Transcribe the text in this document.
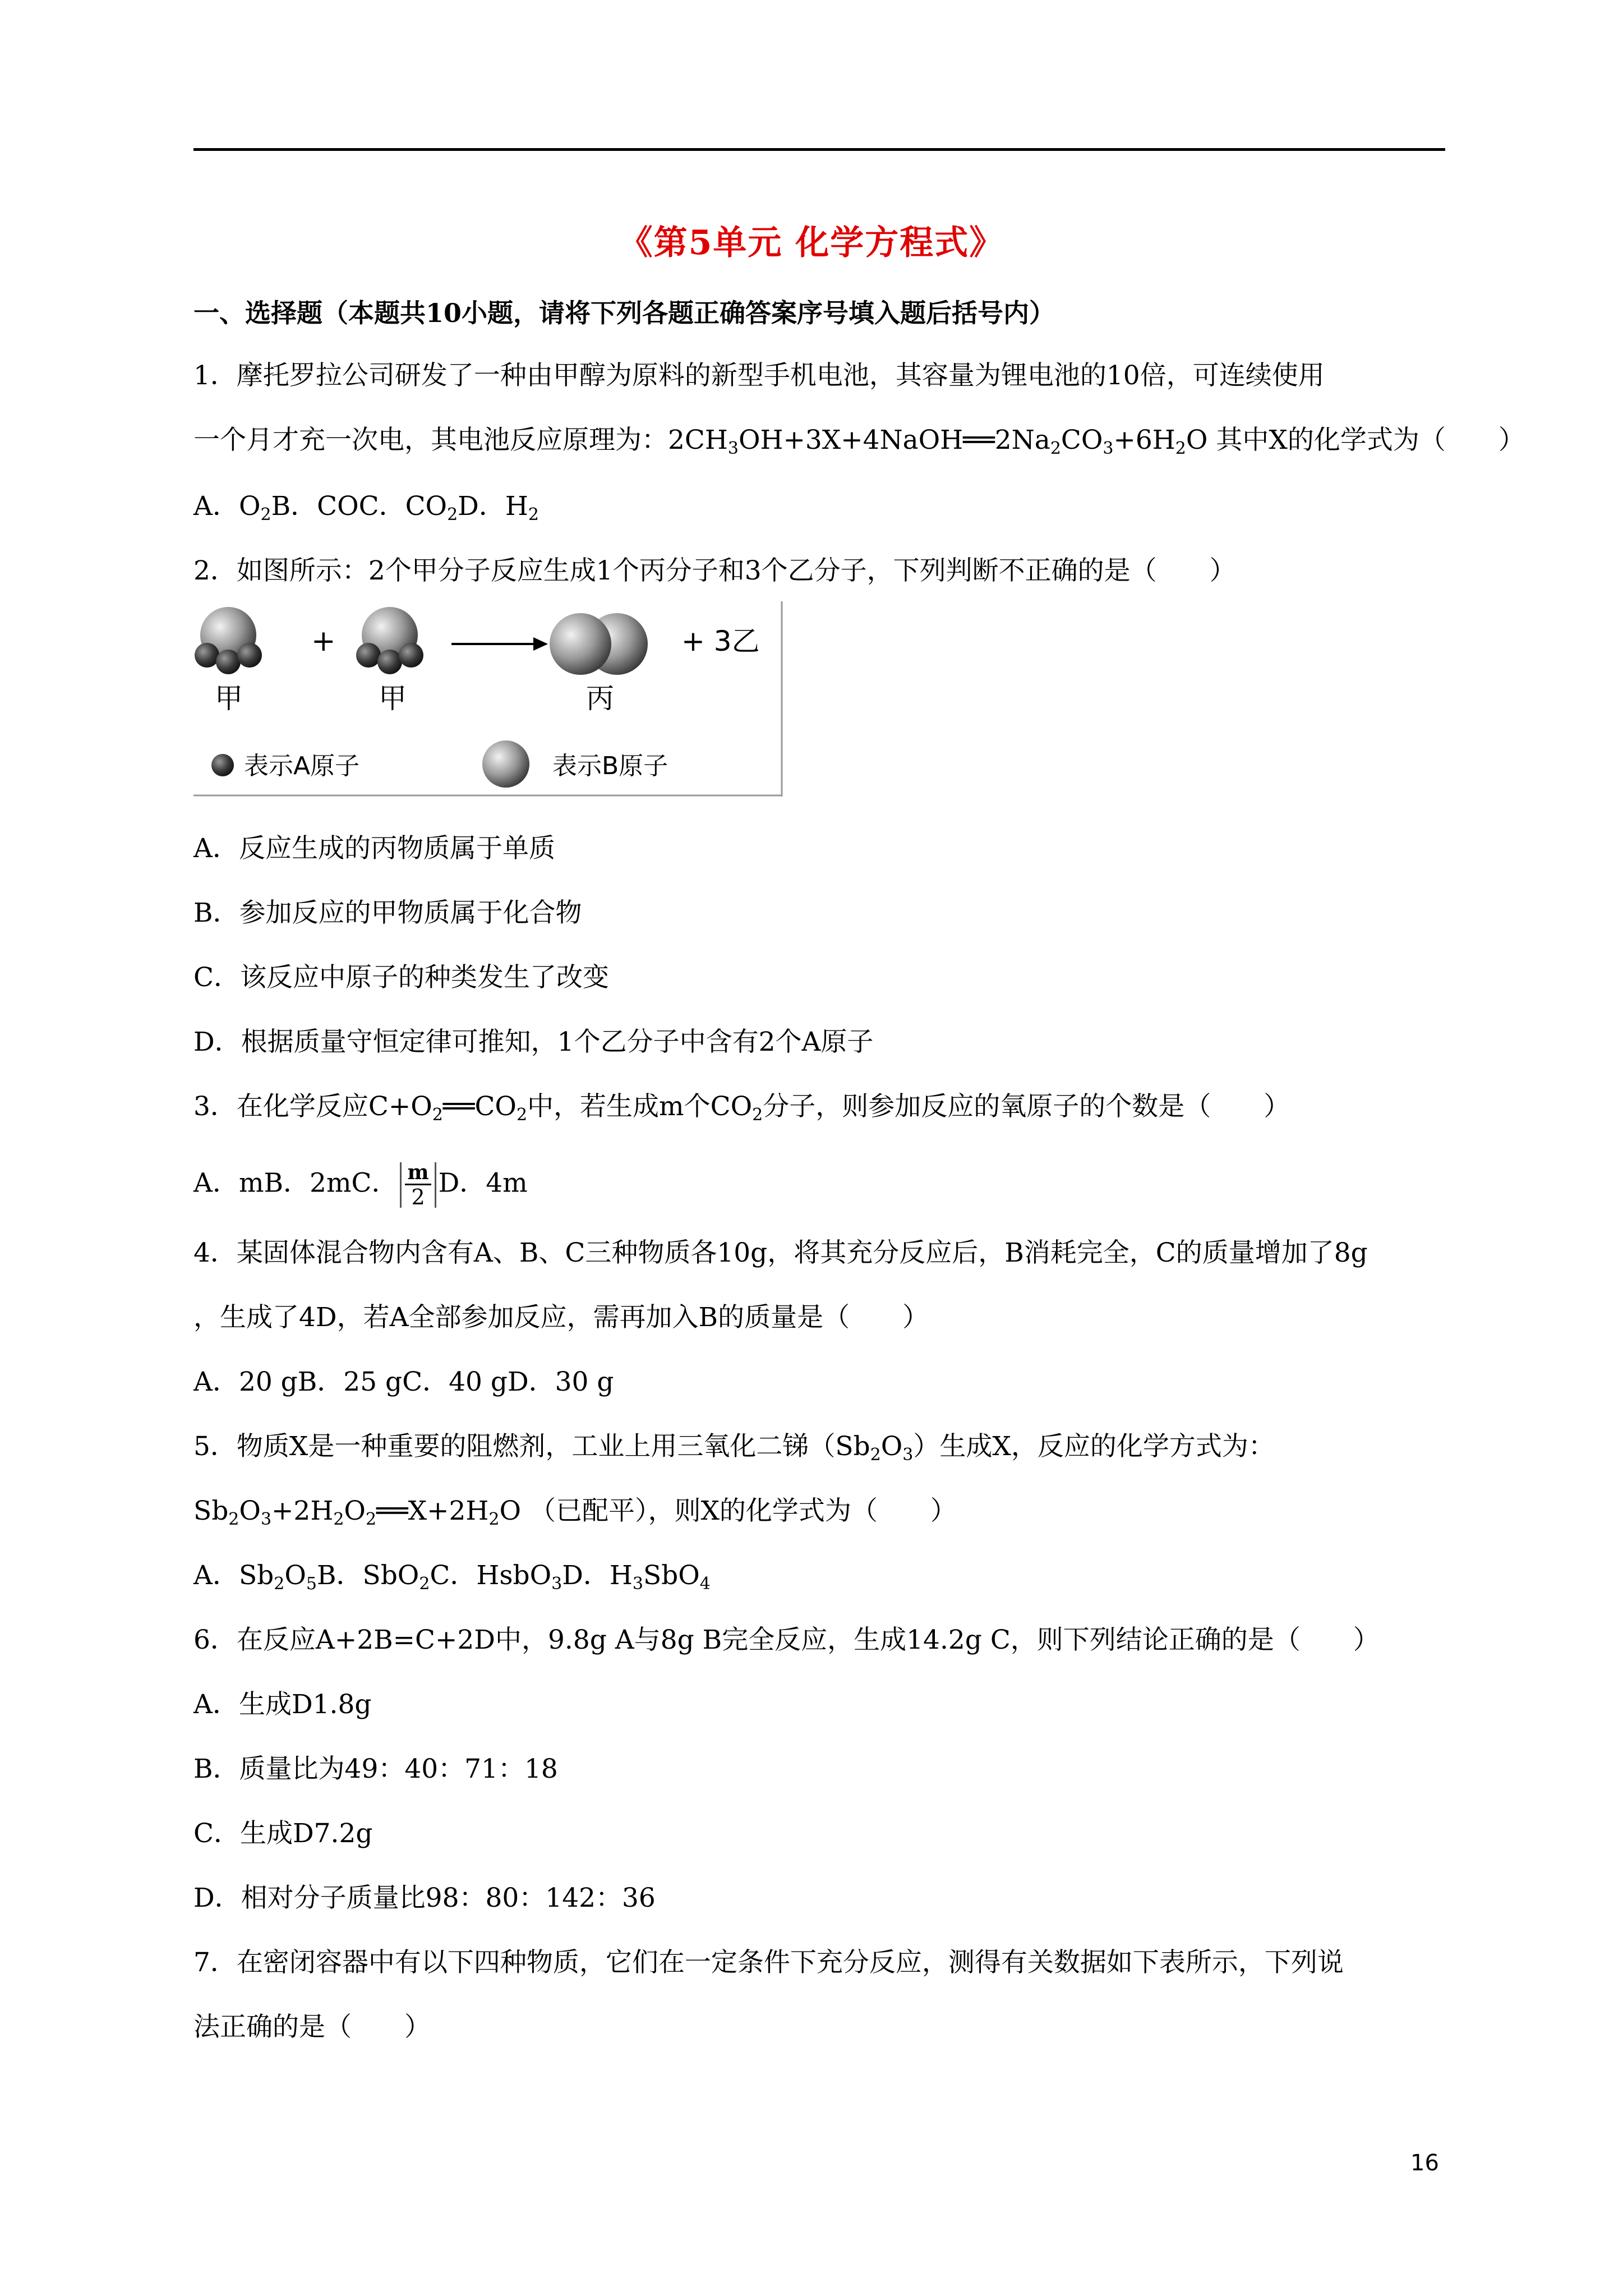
《第5单元 化学方程式》
一、选择题（本题共10小题，请将下列各题正确答案序号填入题后括号内）
1．摩托罗拉公司研发了一种由甲醇为原料的新型手机电池，其容量为锂电池的10倍，可连续使用
一个月才充一次电，其电池反应原理为：$2CH_3OH+3X+4NaOH══2Na_2CO_3+6H_2O$ 其中X的化学式为（　　）
A．$O_2B$．COC．$CO_2D$．$H_2$
2．如图所示：2个甲分子反应生成1个丙分子和3个乙分子，下列判断不正确的是（　　）
+	+ 3乙
甲	甲	丙
表示A原子	表示B原子
A．反应生成的丙物质属于单质
B．参加反应的甲物质属于化合物
C．该反应中原子的种类发生了改变
D．根据质量守恒定律可推知，1个乙分子中含有2个A原子
3．在化学反应$C+O_2══CO_2$中，若生成m个$CO_2$分子，则参加反应的氧原子的个数是（　　）
A．mB．2mC． $\frac{m}{2}$ D．4m
4．某固体混合物内含有A、B、C三种物质各10g，将其充分反应后，B消耗完全，C的质量增加了8g
，生成了4D，若A全部参加反应，需再加入B的质量是（　　）
A．20 gB．25 gC．40 gD．30 g
5．物质X是一种重要的阻燃剂，工业上用三氧化二锑$(Sb_2O_3)$生成X，反应的化学方式为：
$Sb_2O_3+2H_2O_2══X+2H_2O$ （已配平），则X的化学式为（　　）
A．$Sb_2O_5B$．SbO$_2$C．HsbO$_3$D．$H_3SbO_4$
6．在反应A+2B=C+2D中，9.8g A与8g B完全反应，生成14.2g C，则下列结论正确的是（　　）
A．生成D1.8g
B．质量比为49：40：71：18
C．生成D7.2g
D．相对分子质量比98：80：142：36
7．在密闭容器中有以下四种物质，它们在一定条件下充分反应，测得有关数据如下表所示，下列说
法正确的是（　　）
16
